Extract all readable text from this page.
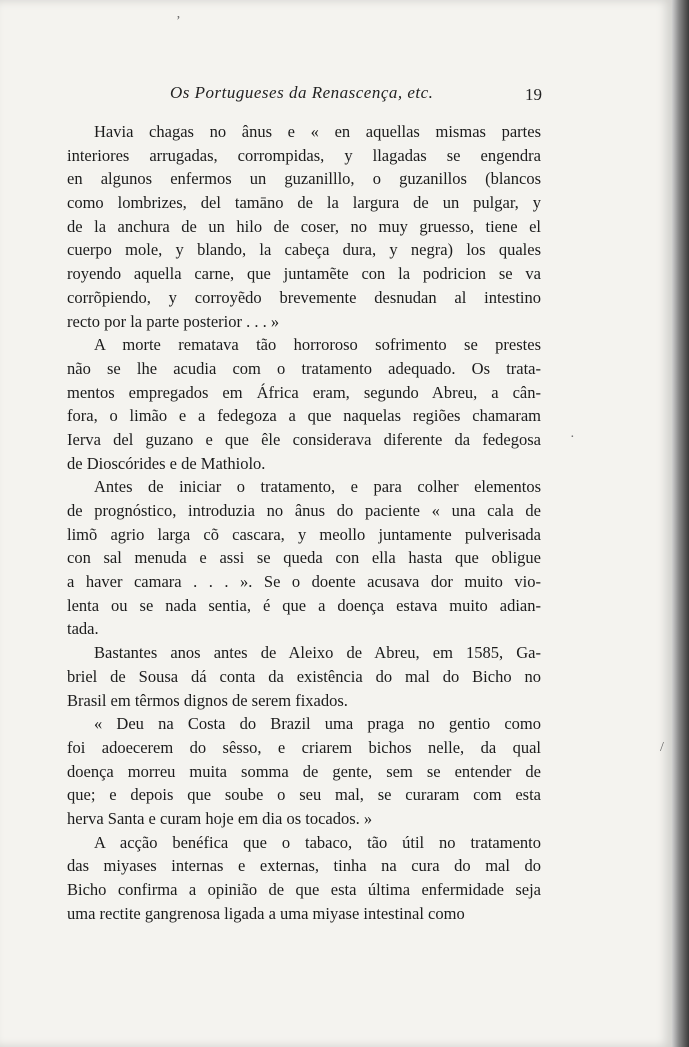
Os Portugueses da Renascença, etc.	19
Havia chagas no ânus e « en aquellas mismas partes
interiores arrugadas, corrompidas, y llagadas se engendra
en algunos enfermos un guzanilllo, o guzanillos (blancos
como lombrizes, del tamāno de la largura de un pulgar, y
de la anchura de un hilo de coser, no muy gruesso, tiene el
cuerpo mole, y blando, la cabeça dura, y negra) los quales
royendo aquella carne, que juntamẽte con la podricion se va
corrõpiendo, y corroyẽdo brevemente desnudan al intestino
recto por la parte posterior . . . »
A morte rematava tão horroroso sofrimento se prestes
não se lhe acudia com o tratamento adequado. Os trata-
mentos empregados em África eram, segundo Abreu, a cân-
fora, o limão e a fedegoza a que naquelas regiões chamaram
Ierva del guzano e que êle considerava diferente da fedegosa
de Dioscórides e de Mathiolo.
Antes de iniciar o tratamento, e para colher elementos
de prognóstico, introduzia no ânus do paciente « una cala de
limõ agrio larga cõ cascara, y meollo juntamente pulverisada
con sal menuda e assi se queda con ella hasta que obligue
a haver camara . . . ». Se o doente acusava dor muito vio-
lenta ou se nada sentia, é que a doença estava muito adian-
tada.
Bastantes anos antes de Aleixo de Abreu, em 1585, Ga-
briel de Sousa dá conta da existência do mal do Bicho no
Brasil em têrmos dignos de serem fixados.
« Deu na Costa do Brazil uma praga no gentio como
foi adoecerem do sêsso, e criarem bichos nelle, da qual
doença morreu muita somma de gente, sem se entender de
que; e depois que soube o seu mal, se curaram com esta
herva Santa e curam hoje em dia os tocados. »
A acção benéfica que o tabaco, tão útil no tratamento
das miyases internas e externas, tinha na cura do mal do
Bicho confirma a opinião de que esta última enfermidade seja
uma rectite gangrenosa ligada a uma miyase intestinal como
ʼ
·
/
